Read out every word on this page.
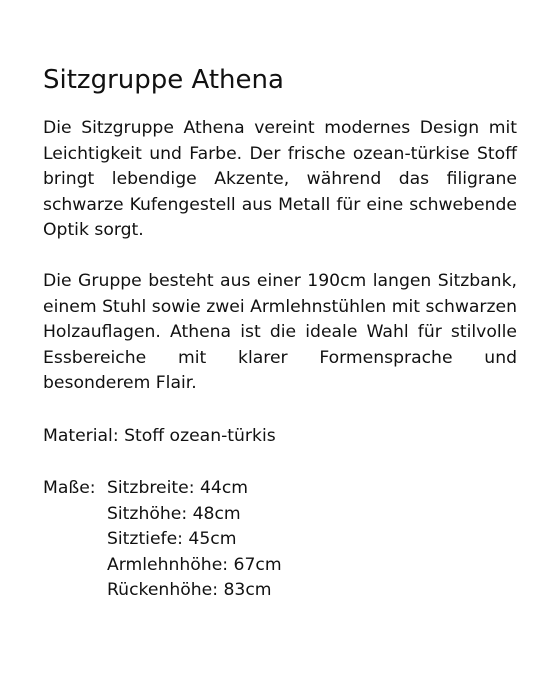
Sitzgruppe Athena

Die Sitzgruppe Athena vereint modernes Design mit Leichtigkeit und Farbe. Der frische ozean-türkise Stoff bringt lebendige Akzente, während das filigrane schwarze Kufengestell aus Metall für eine schwebende Optik sorgt.

Die Gruppe besteht aus einer 190cm langen Sitzbank, einem Stuhl sowie zwei Armlehnstühlen mit schwarzen Holzauflagen. Athena ist die ideale Wahl für stilvolle Essbereiche mit klarer Formensprache und besonderem Flair.

Material: Stoff ozean-türkis

Maße: Sitzbreite: 44cm
Sitzhöhe: 48cm
Sitztiefe: 45cm
Armlehnhöhe: 67cm
Rückenhöhe: 83cm
